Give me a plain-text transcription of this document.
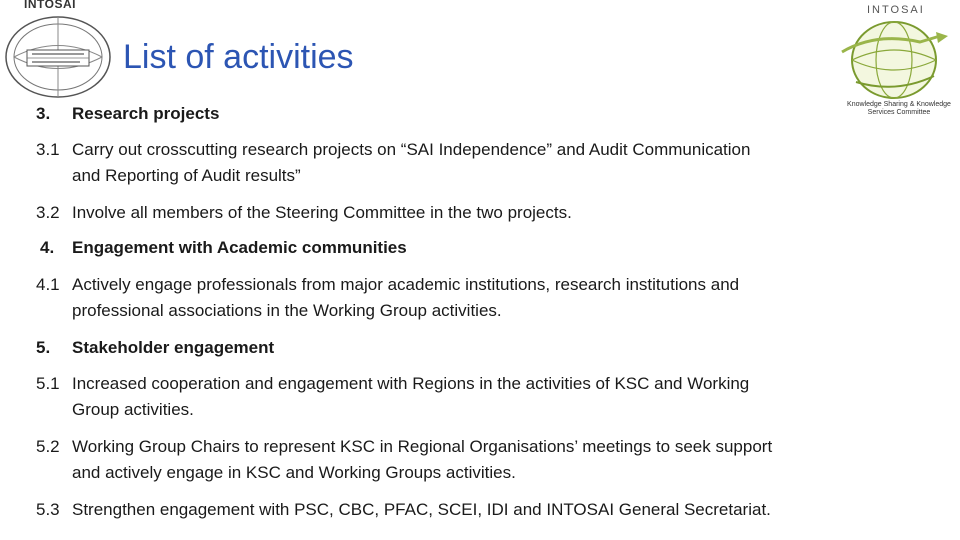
INTOSAI
List of activities
INTOSAI
Knowledge Sharing & Knowledge
Services Committee
3. Research projects
3.1 Carry out crosscutting research projects on “SAI Independence” and Audit Communication
and Reporting of Audit results”
3.2 Involve all members of the Steering Committee in the two projects.
4. Engagement with Academic communities
4.1 Actively engage professionals from major academic institutions, research institutions and
professional associations in the Working Group activities.
5. Stakeholder engagement
5.1 Increased cooperation and engagement with Regions in the activities of KSC and Working
Group activities.
5.2 Working Group Chairs to represent KSC in Regional Organisations’ meetings to seek support
and actively engage in KSC and Working Groups activities.
5.3 Strengthen engagement with PSC, CBC, PFAC, SCEI, IDI and INTOSAI General Secretariat.
